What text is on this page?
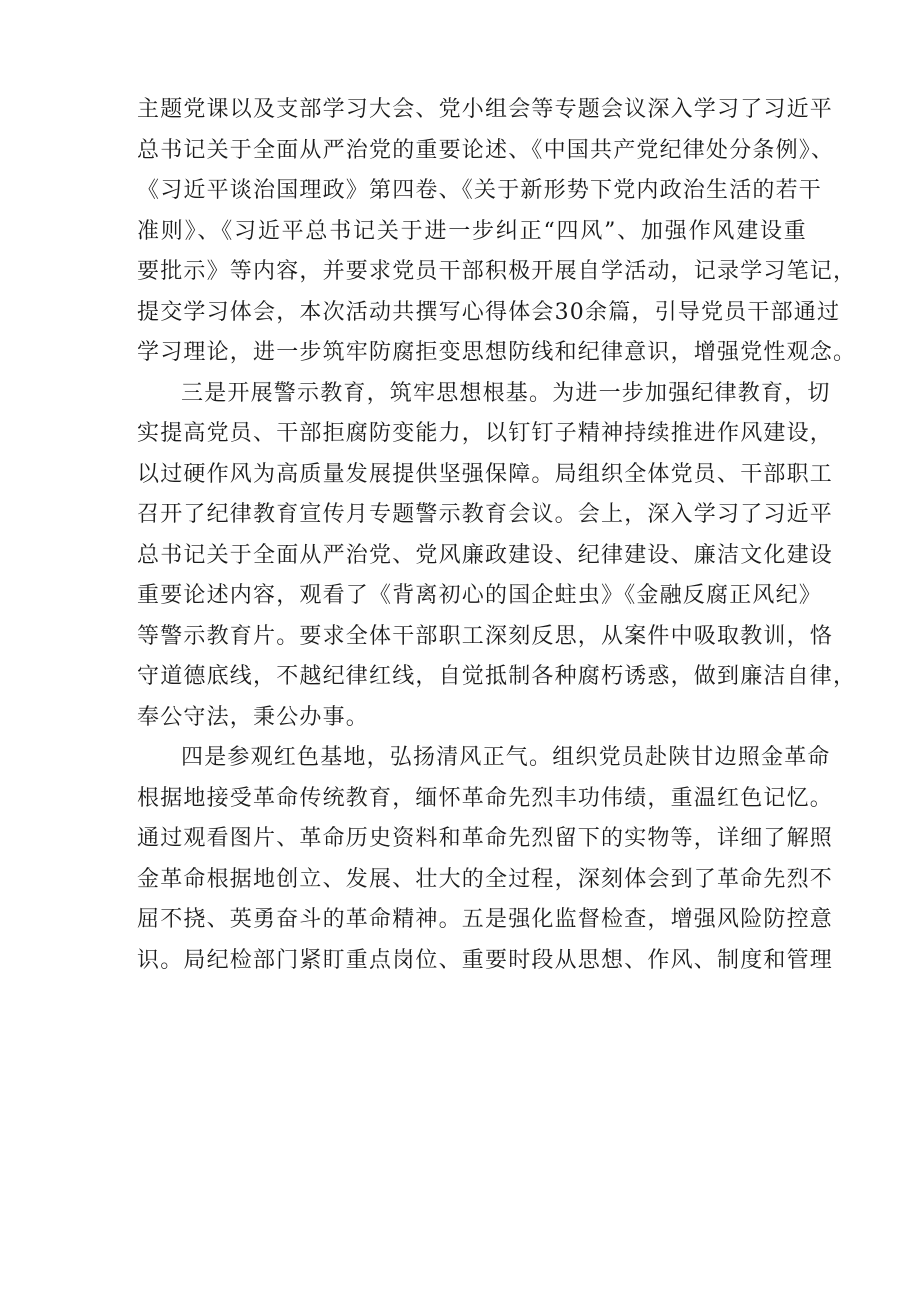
主题党课以及支部学习大会、党小组会等专题会议深入学习了习近平
总书记关于全面从严治党的重要论述、《中国共产党纪律处分条例》、
《习近平谈治国理政》第四卷、《关于新形势下党内政治生活的若干
准则》、《习近平总书记关于进一步纠正“四风”、加强作风建设重
要批示》等内容，并要求党员干部积极开展自学活动，记录学习笔记，
提交学习体会，本次活动共撰写心得体会30余篇，引导党员干部通过
学习理论，进一步筑牢防腐拒变思想防线和纪律意识，增强党性观念。
三是开展警示教育，筑牢思想根基。为进一步加强纪律教育，切
实提高党员、干部拒腐防变能力，以钉钉子精神持续推进作风建设，
以过硬作风为高质量发展提供坚强保障。局组织全体党员、干部职工
召开了纪律教育宣传月专题警示教育会议。会上，深入学习了习近平
总书记关于全面从严治党、党风廉政建设、纪律建设、廉洁文化建设
重要论述内容，观看了《背离初心的国企蛀虫》《金融反腐正风纪》
等警示教育片。要求全体干部职工深刻反思，从案件中吸取教训，恪
守道德底线，不越纪律红线，自觉抵制各种腐朽诱惑，做到廉洁自律，
奉公守法，秉公办事。
四是参观红色基地，弘扬清风正气。组织党员赴陕甘边照金革命
根据地接受革命传统教育，缅怀革命先烈丰功伟绩，重温红色记忆。
通过观看图片、革命历史资料和革命先烈留下的实物等，详细了解照
金革命根据地创立、发展、壮大的全过程，深刻体会到了革命先烈不
屈不挠、英勇奋斗的革命精神。五是强化监督检查，增强风险防控意
识。局纪检部门紧盯重点岗位、重要时段从思想、作风、制度和管理
